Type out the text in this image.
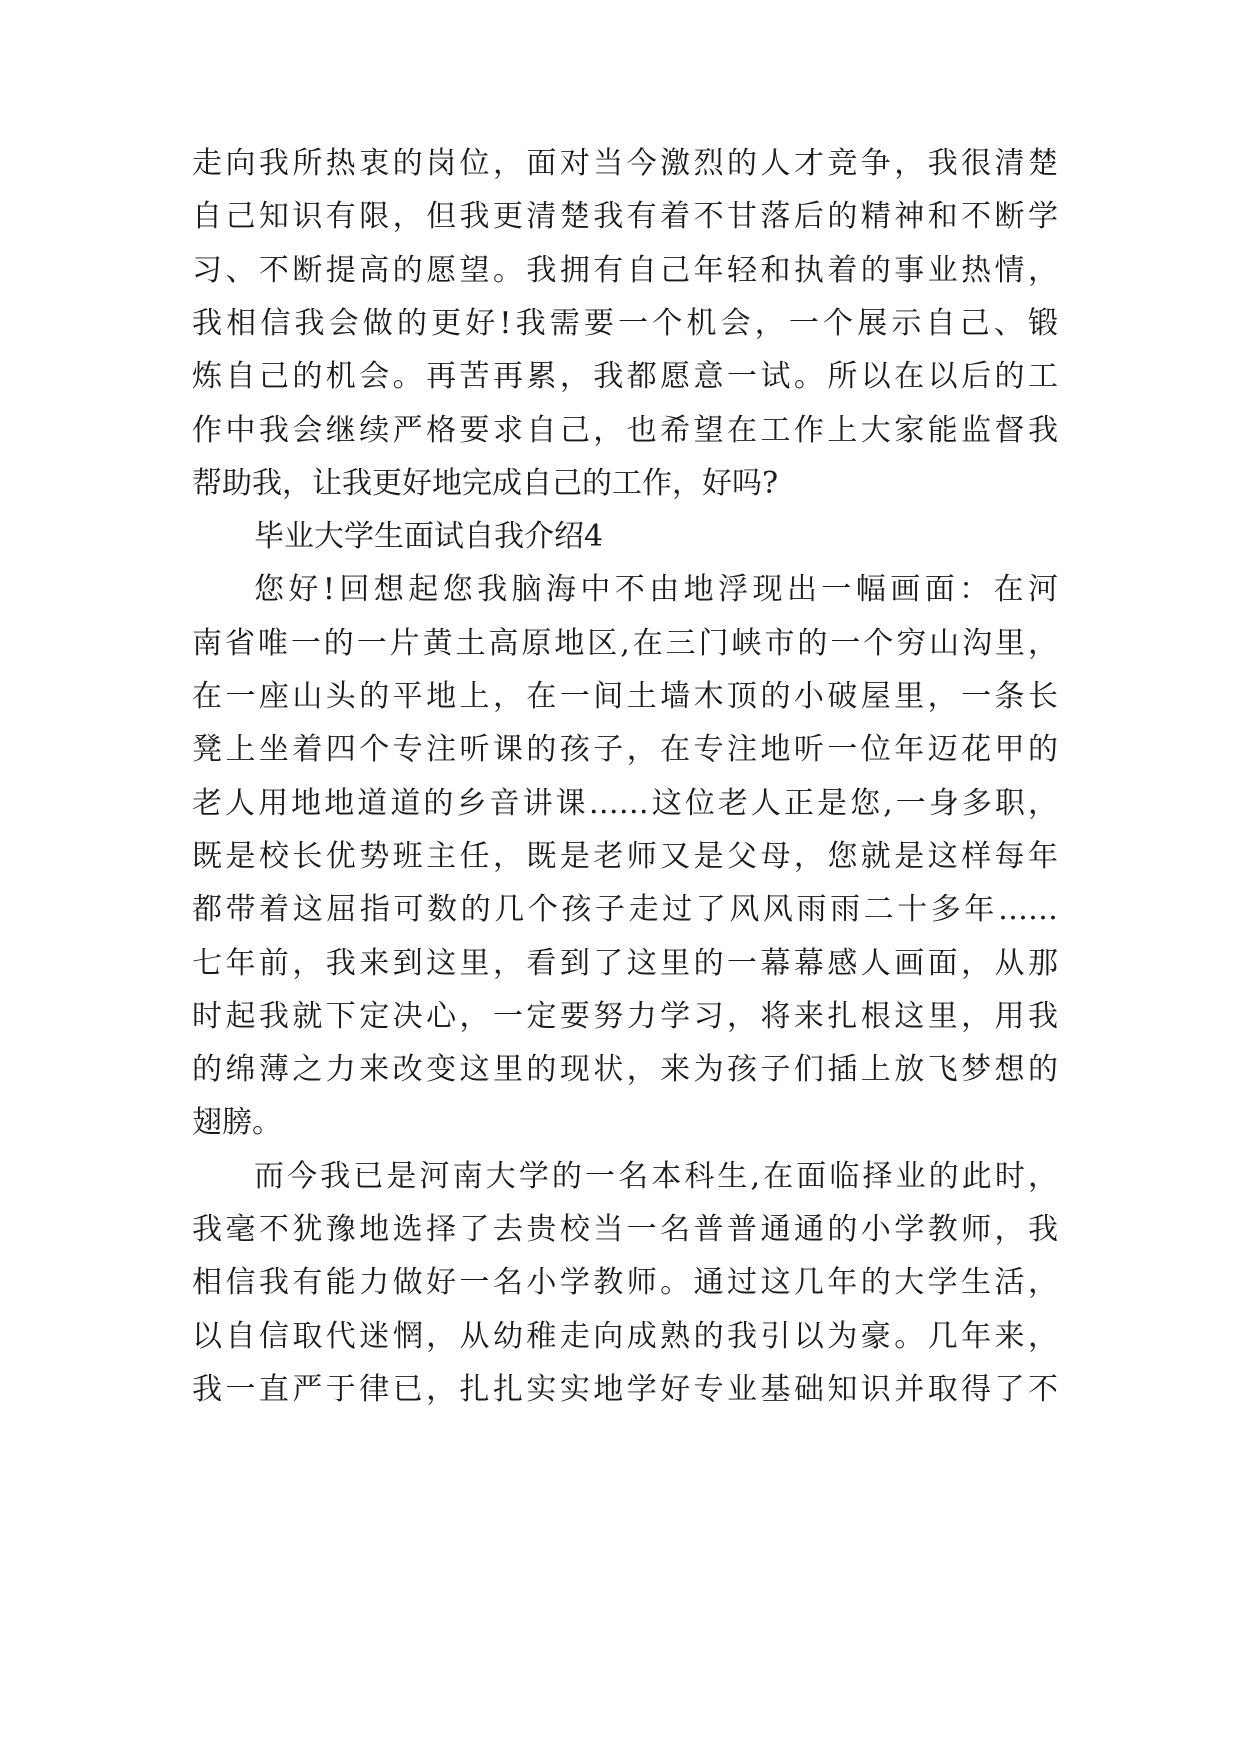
走向我所热衷的岗位，面对当今激烈的人才竞争，我很清楚
自己知识有限，但我更清楚我有着不甘落后的精神和不断学
习、不断提高的愿望。我拥有自己年轻和执着的事业热情，
我相信我会做的更好!我需要一个机会，一个展示自己、锻
炼自己的机会。再苦再累，我都愿意一试。所以在以后的工
作中我会继续严格要求自己，也希望在工作上大家能监督我
帮助我，让我更好地完成自己的工作，好吗?
毕业大学生面试自我介绍4
您好!回想起您我脑海中不由地浮现出一幅画面：在河
南省唯一的一片黄土高原地区,在三门峡市的一个穷山沟里，
在一座山头的平地上，在一间土墙木顶的小破屋里，一条长
凳上坐着四个专注听课的孩子，在专注地听一位年迈花甲的
老人用地地道道的乡音讲课……这位老人正是您,一身多职，
既是校长优势班主任，既是老师又是父母，您就是这样每年
都带着这屈指可数的几个孩子走过了风风雨雨二十多年……
七年前，我来到这里，看到了这里的一幕幕感人画面，从那
时起我就下定决心，一定要努力学习，将来扎根这里，用我
的绵薄之力来改变这里的现状，来为孩子们插上放飞梦想的
翅膀。
而今我已是河南大学的一名本科生,在面临择业的此时，
我毫不犹豫地选择了去贵校当一名普普通通的小学教师，我
相信我有能力做好一名小学教师。通过这几年的大学生活，
以自信取代迷惘，从幼稚走向成熟的我引以为豪。几年来，
我一直严于律已，扎扎实实地学好专业基础知识并取得了不
